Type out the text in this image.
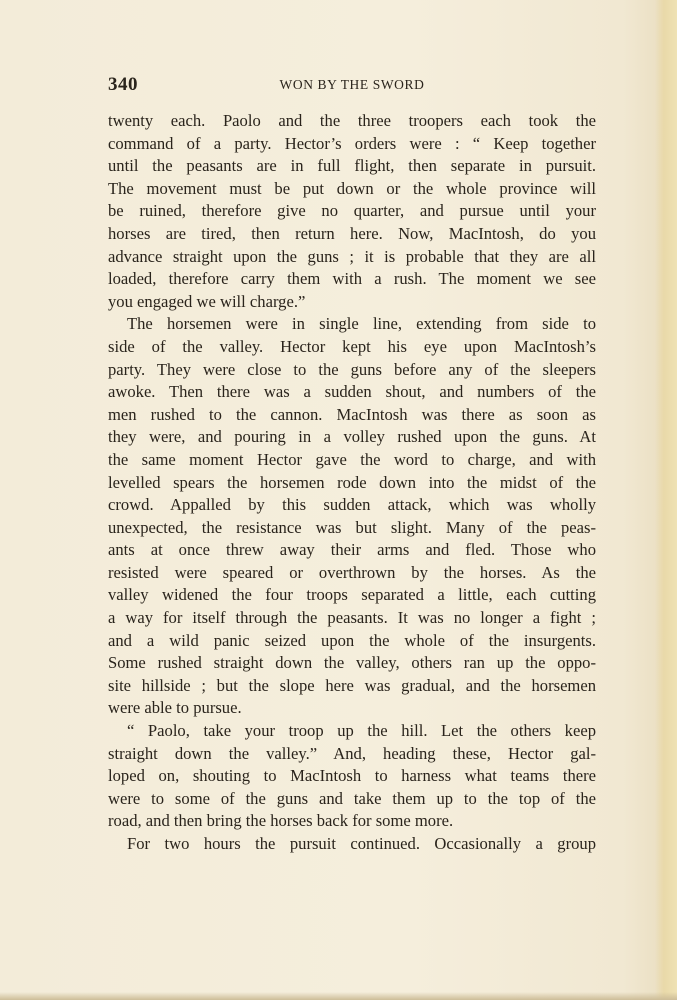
340	WON BY THE SWORD
twenty each. Paolo and the three troopers each took the
command of a party. Hector’s orders were : “ Keep together
until the peasants are in full flight, then separate in pursuit.
The movement must be put down or the whole province will
be ruined, therefore give no quarter, and pursue until your
horses are tired, then return here. Now, MacIntosh, do you
advance straight upon the guns ; it is probable that they are all
loaded, therefore carry them with a rush. The moment we see
you engaged we will charge.”
The horsemen were in single line, extending from side to
side of the valley. Hector kept his eye upon MacIntosh’s
party. They were close to the guns before any of the sleepers
awoke. Then there was a sudden shout, and numbers of the
men rushed to the cannon. MacIntosh was there as soon as
they were, and pouring in a volley rushed upon the guns. At
the same moment Hector gave the word to charge, and with
levelled spears the horsemen rode down into the midst of the
crowd. Appalled by this sudden attack, which was wholly
unexpected, the resistance was but slight. Many of the peas-
ants at once threw away their arms and fled. Those who
resisted were speared or overthrown by the horses. As the
valley widened the four troops separated a little, each cutting
a way for itself through the peasants. It was no longer a fight ;
and a wild panic seized upon the whole of the insurgents.
Some rushed straight down the valley, others ran up the oppo-
site hillside ; but the slope here was gradual, and the horsemen
were able to pursue.
“ Paolo, take your troop up the hill. Let the others keep
straight down the valley.” And, heading these, Hector gal-
loped on, shouting to MacIntosh to harness what teams there
were to some of the guns and take them up to the top of the
road, and then bring the horses back for some more.
For two hours the pursuit continued. Occasionally a group
